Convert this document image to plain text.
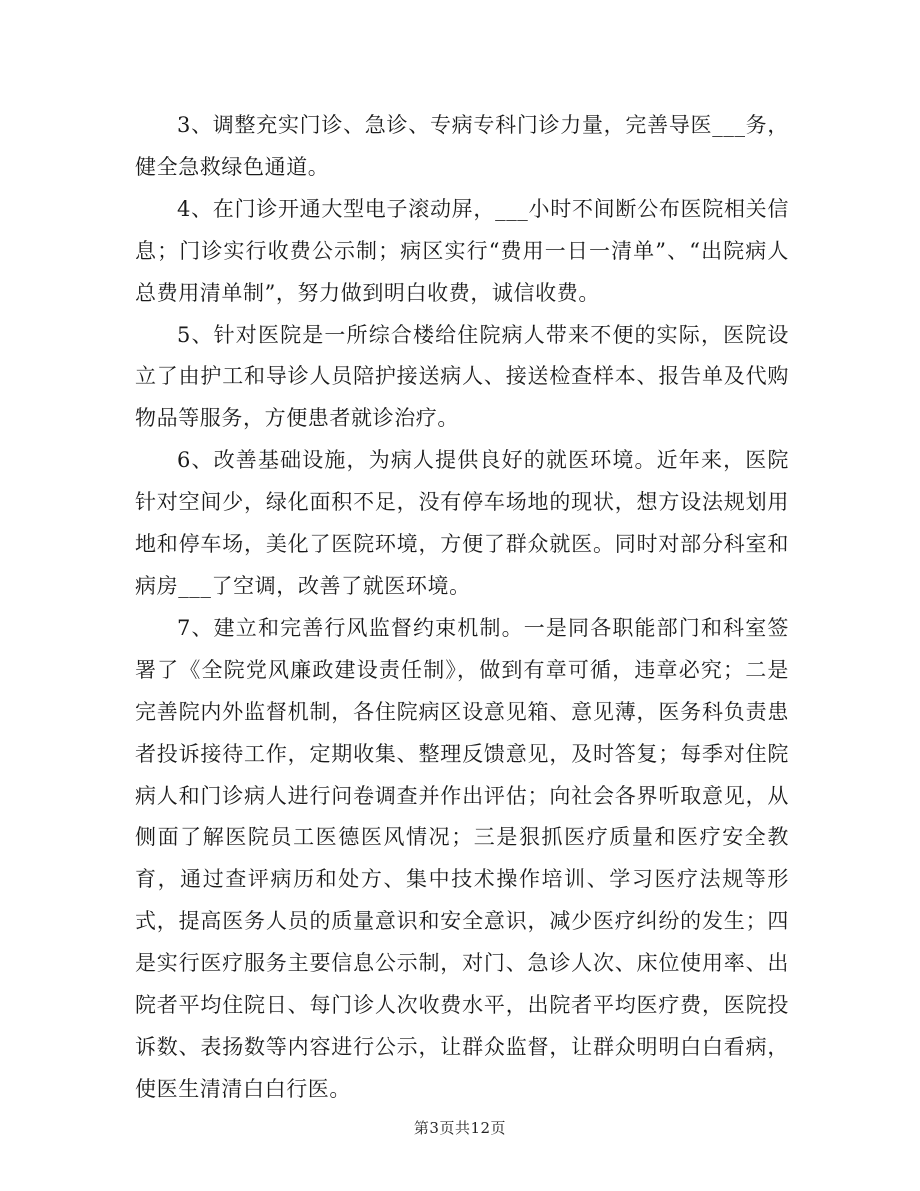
3、调整充实门诊、急诊、专病专科门诊力量，完善导医___务，健全急救绿色通道。

4、在门诊开通大型电子滚动屏，___小时不间断公布医院相关信息；门诊实行收费公示制；病区实行“费用一日一清单”、“出院病人总费用清单制”，努力做到明白收费，诚信收费。

5、针对医院是一所综合楼给住院病人带来不便的实际，医院设立了由护工和导诊人员陪护接送病人、接送检查样本、报告单及代购物品等服务，方便患者就诊治疗。

6、改善基础设施，为病人提供良好的就医环境。近年来，医院针对空间少，绿化面积不足，没有停车场地的现状，想方设法规划用地和停车场，美化了医院环境，方便了群众就医。同时对部分科室和病房___了空调，改善了就医环境。

7、建立和完善行风监督约束机制。一是同各职能部门和科室签署了《全院党风廉政建设责任制》，做到有章可循，违章必究；二是完善院内外监督机制，各住院病区设意见箱、意见薄，医务科负责患者投诉接待工作，定期收集、整理反馈意见，及时答复；每季对住院病人和门诊病人进行问卷调查并作出评估；向社会各界听取意见，从侧面了解医院员工医德医风情况；三是狠抓医疗质量和医疗安全教育，通过查评病历和处方、集中技术操作培训、学习医疗法规等形式，提高医务人员的质量意识和安全意识，减少医疗纠纷的发生；四是实行医疗服务主要信息公示制，对门、急诊人次、床位使用率、出院者平均住院日、每门诊人次收费水平，出院者平均医疗费，医院投诉数、表扬数等内容进行公示，让群众监督，让群众明明白白看病，使医生清清白白行医。

第3页共12页
